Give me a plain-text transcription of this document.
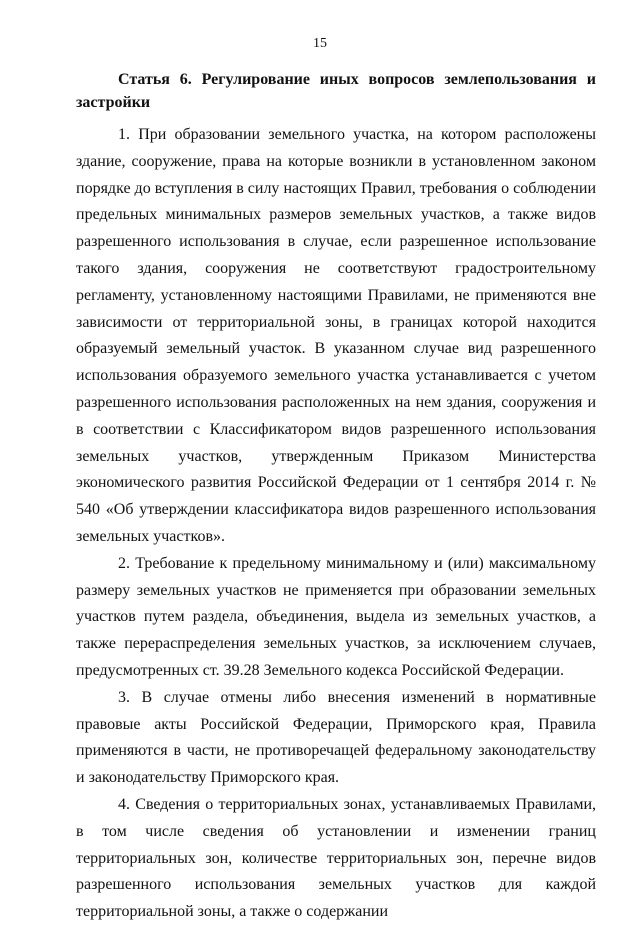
15

Статья 6. Регулирование иных вопросов землепользования и застройки

1. При образовании земельного участка, на котором расположены здание, сооружение, права на которые возникли в установленном законом порядке до вступления в силу настоящих Правил, требования о соблюдении предельных минимальных размеров земельных участков, а также видов разрешенного использования в случае, если разрешенное использование такого здания, сооружения не соответствуют градостроительному регламенту, установленному настоящими Правилами, не применяются вне зависимости от территориальной зоны, в границах которой находится образуемый земельный участок. В указанном случае вид разрешенного использования образуемого земельного участка устанавливается с учетом разрешенного использования расположенных на нем здания, сооружения и в соответствии с Классификатором видов разрешенного использования земельных участков, утвержденным Приказом Министерства экономического развития Российской Федерации от 1 сентября 2014 г. № 540 «Об утверждении классификатора видов разрешенного использования земельных участков».

2. Требование к предельному минимальному и (или) максимальному размеру земельных участков не применяется при образовании земельных участков путем раздела, объединения, выдела из земельных участков, а также перераспределения земельных участков, за исключением случаев, предусмотренных ст. 39.28 Земельного кодекса Российской Федерации.

3. В случае отмены либо внесения изменений в нормативные правовые акты Российской Федерации, Приморского края, Правила применяются в части, не противоречащей федеральному законодательству и законодательству Приморского края.

4. Сведения о территориальных зонах, устанавливаемых Правилами, в том числе сведения об установлении и изменении границ территориальных зон, количестве территориальных зон, перечне видов разрешенного использования земельных участков для каждой территориальной зоны, а также о содержании
